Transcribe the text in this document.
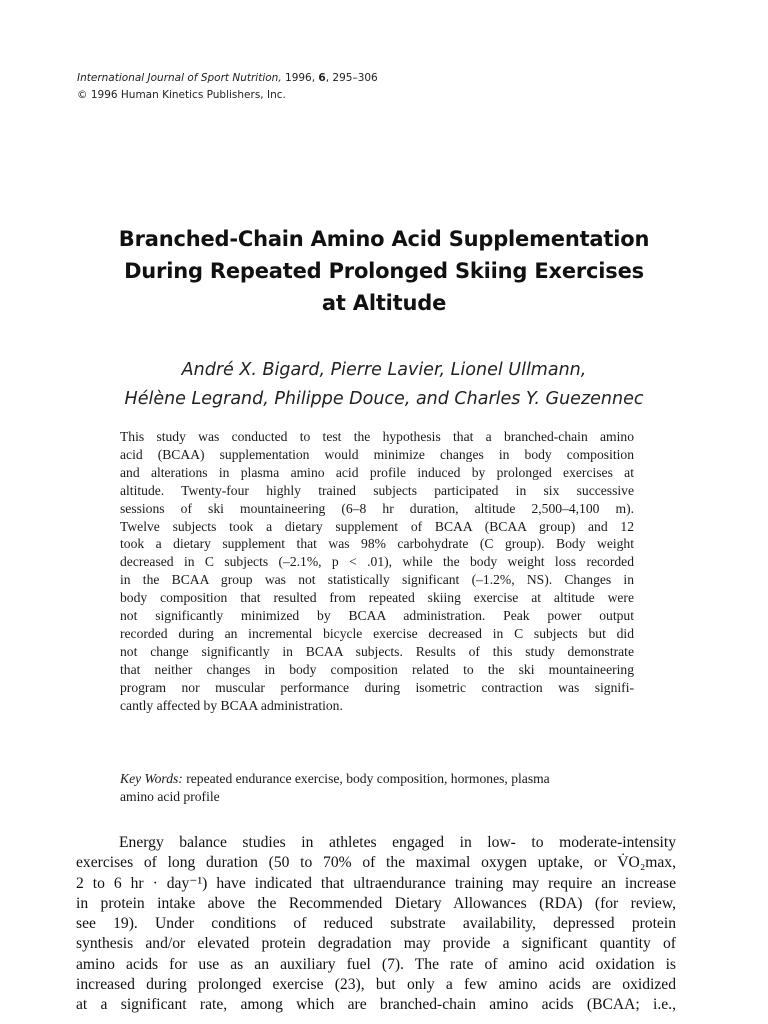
International Journal of Sport Nutrition, 1996, 6, 295–306
© 1996 Human Kinetics Publishers, Inc.
Branched-Chain Amino Acid Supplementation
During Repeated Prolonged Skiing Exercises
at Altitude
André X. Bigard, Pierre Lavier, Lionel Ullmann,
Hélène Legrand, Philippe Douce, and Charles Y. Guezennec
This study was conducted to test the hypothesis that a branched-chain amino
acid (BCAA) supplementation would minimize changes in body composition
and alterations in plasma amino acid profile induced by prolonged exercises at
altitude. Twenty-four highly trained subjects participated in six successive
sessions of ski mountaineering (6–8 hr duration, altitude 2,500–4,100 m).
Twelve subjects took a dietary supplement of BCAA (BCAA group) and 12
took a dietary supplement that was 98% carbohydrate (C group). Body weight
decreased in C subjects (–2.1%, p < .01), while the body weight loss recorded
in the BCAA group was not statistically significant (–1.2%, NS). Changes in
body composition that resulted from repeated skiing exercise at altitude were
not significantly minimized by BCAA administration. Peak power output
recorded during an incremental bicycle exercise decreased in C subjects but did
not change significantly in BCAA subjects. Results of this study demonstrate
that neither changes in body composition related to the ski mountaineering
program nor muscular performance during isometric contraction was signifi-
cantly affected by BCAA administration.
Key Words: repeated endurance exercise, body composition, hormones, plasma
amino acid profile
Energy balance studies in athletes engaged in low- to moderate-intensity
exercises of long duration (50 to 70% of the maximal oxygen uptake, or V̇O₂max,
2 to 6 hr · day⁻¹) have indicated that ultraendurance training may require an increase
in protein intake above the Recommended Dietary Allowances (RDA) (for review,
see 19). Under conditions of reduced substrate availability, depressed protein
synthesis and/or elevated protein degradation may provide a significant quantity of
amino acids for use as an auxiliary fuel (7). The rate of amino acid oxidation is
increased during prolonged exercise (23), but only a few amino acids are oxidized
at a significant rate, among which are branched-chain amino acids (BCAA; i.e.,
